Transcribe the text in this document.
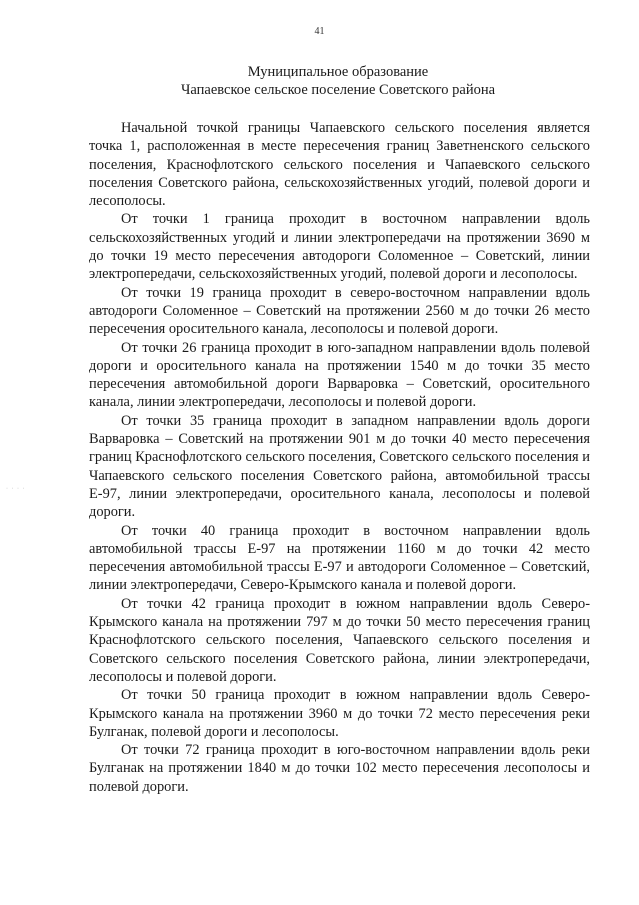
41
Муниципальное образование
Чапаевское сельское поселение Советского района
· · · ·

Начальной точкой границы Чапаевского сельского поселения является точка 1, расположенная в месте пересечения границ Заветненского сельского поселения, Краснофлотского сельского поселения и Чапаевского сельского поселения Советского района, сельскохозяйственных угодий, полевой дороги и лесополосы.

От точки 1 граница проходит в восточном направлении вдоль сельскохозяйственных угодий и линии электропередачи на протяжении 3690 м до точки 19 место пересечения автодороги Соломенное – Советский, линии электропередачи, сельскохозяйственных угодий, полевой дороги и лесополосы.

От точки 19 граница проходит в северо-восточном направлении вдоль автодороги Соломенное – Советский на протяжении 2560 м до точки 26 место пересечения оросительного канала, лесополосы и полевой дороги.

От точки 26 граница проходит в юго-западном направлении вдоль полевой дороги и оросительного канала на протяжении 1540 м до точки 35 место пересечения автомобильной дороги Варваровка – Советский, оросительного канала, линии электропередачи, лесополосы и полевой дороги.

От точки 35 граница проходит в западном направлении вдоль дороги Варваровка – Советский на протяжении 901 м до точки 40 место пересечения границ Краснофлотского сельского поселения, Советского сельского поселения и Чапаевского сельского поселения Советского района, автомобильной трассы Е-97, линии электропередачи, оросительного канала, лесополосы и полевой дороги.

От точки 40 граница проходит в восточном направлении вдоль автомобильной трассы Е-97 на протяжении 1160 м до точки 42 место пересечения автомобильной трассы Е-97 и автодороги Соломенное – Советский, линии электропередачи, Северо-Крымского канала и полевой дороги.

От точки 42 граница проходит в южном направлении вдоль Северо-Крымского канала на протяжении 797 м до точки 50 место пересечения границ Краснофлотского сельского поселения, Чапаевского сельского поселения и Советского сельского поселения Советского района, линии электропередачи, лесополосы и полевой дороги.

От точки 50 граница проходит в южном направлении вдоль Северо-Крымского канала на протяжении 3960 м до точки 72 место пересечения реки Булганак, полевой дороги и лесополосы.

От точки 72 граница проходит в юго-восточном направлении вдоль реки Булганак на протяжении 1840 м до точки 102 место пересечения лесополосы и полевой дороги.
